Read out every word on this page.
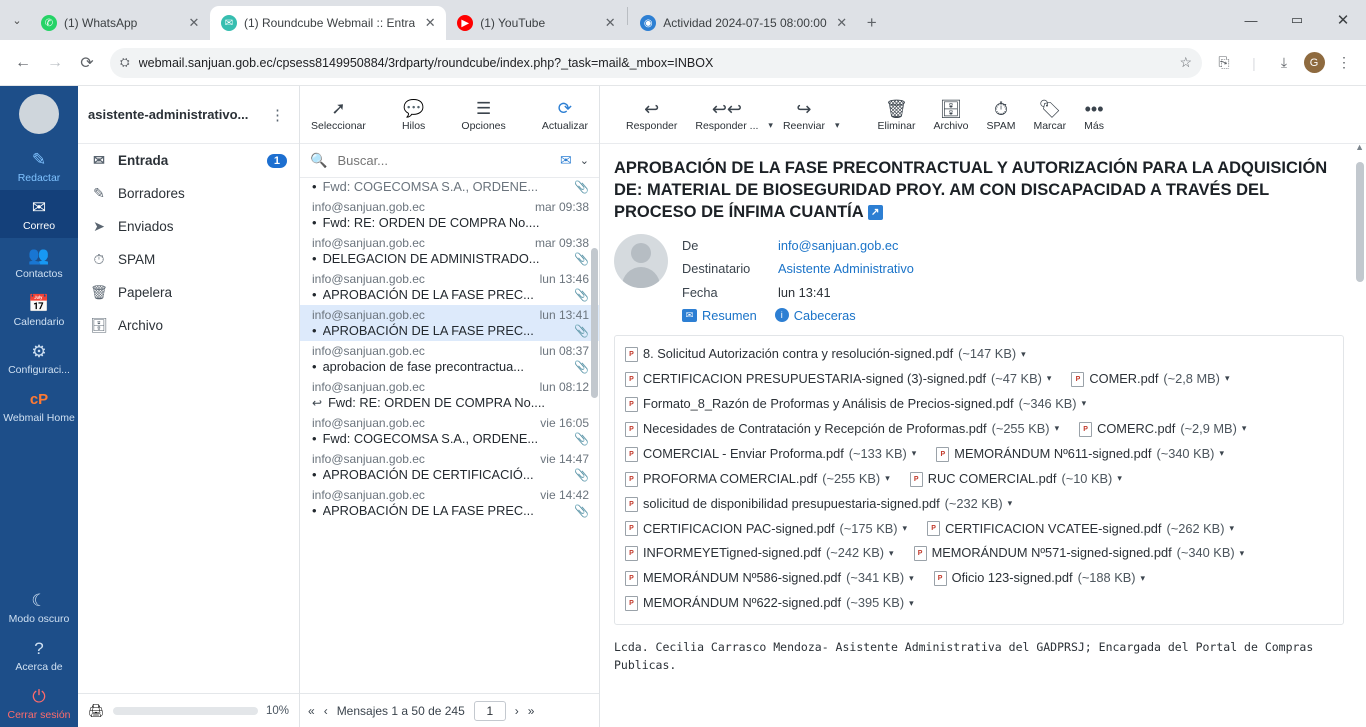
⌄	✆ (1) WhatsApp	✕	✉ (1) Roundcube Webmail :: Entra ✕	▶ (1) YouTube	✕	◉ Actividad 2024-07-15 08:00:00 ✕	+	—	▭	✕
←	→	⟳	⛭ webmail.sanjuan.gob.ec/cpsess8149950884/3rdparty/roundcube/index.php?_task=mail&_mbox=INBOX	☆	⎘	|	⤓	G	⋮
✎
Redactar
✉
Correo
👥
Contactos
📅
Calendario
⚙
Configuraci...
cP
Webmail Home
☾
Modo oscuro
?
Acerca de
⏻
Cerrar sesión
asistente-administrativo...	⋮
✉ Entrada	1
✎ Borradores
➤ Enviados
⏱ SPAM
🗑 Papelera
🗄 Archivo
🖨	10%
➚
Seleccionar
💬
Hilos
☰
Opciones
⟳
Actualizar
🔍
Buscar...	✉ ⌄
• Fwd: COGECOMSA S.A., ORDENE...	📎
info@sanjuan.gob.ec	mar 09:38
• Fwd: RE: ORDEN DE COMPRA No....
info@sanjuan.gob.ec	mar 09:38
• DELEGACION DE ADMINISTRADO...	📎
info@sanjuan.gob.ec	lun 13:46
• APROBACIÓN DE LA FASE PREC...	📎
info@sanjuan.gob.ec	lun 13:41
• APROBACIÓN DE LA FASE PREC...	📎
info@sanjuan.gob.ec	lun 08:37
• aprobacion de fase precontractua...	📎
info@sanjuan.gob.ec	lun 08:12
↩ Fwd: RE: ORDEN DE COMPRA No....
info@sanjuan.gob.ec	vie 16:05
• Fwd: COGECOMSA S.A., ORDENE...	📎
info@sanjuan.gob.ec	vie 14:47
• APROBACIÓN DE CERTIFICACIÓ...	📎
info@sanjuan.gob.ec	vie 14:42
• APROBACIÓN DE LA FASE PREC...	📎
« ‹ Mensajes 1 a 50 de 245
1	› »
↩
Responder
↩↩
Responder ...	▾
↪
Reenviar	▾
🗑
Eliminar
🗄
Archivo
⏱
SPAM
🏷
Marcar
•••
Más
APROBACIÓN DE LA FASE PRECONTRACTUAL Y AUTORIZACIÓN PARA LA ADQUISICIÓN DE: MATERIAL DE BIOSEGURIDAD PROY. AM CON DISCAPACIDAD A TRAVÉS DEL PROCESO DE ÍNFIMA CUANTÍA ↗
De	info@sanjuan.gob.ec
Destinatario	Asistente Administrativo
Fecha	lun 13:41
✉ Resumen	i Cabeceras
P 8. Solicitud Autorización contra y resolución-signed.pdf (~147 KB) ▾
P CERTIFICACION PRESUPUESTARIA-signed (3)-signed.pdf (~47 KB) ▾	P COMER.pdf (~2,8 MB) ▾
P Formato_8_Razón de Proformas y Análisis de Precios-signed.pdf (~346 KB) ▾
P Necesidades de Contratación y Recepción de Proformas.pdf (~255 KB) ▾	P COMERC.pdf (~2,9 MB) ▾
P COMERCIAL - Enviar Proforma.pdf (~133 KB) ▾	P MEMORÁNDUM Nº611-signed.pdf (~340 KB) ▾
P PROFORMA COMERCIAL.pdf (~255 KB) ▾	P RUC COMERCIAL.pdf (~10 KB) ▾
P solicitud de disponibilidad presupuestaria-signed.pdf (~232 KB) ▾
P CERTIFICACION PAC-signed.pdf (~175 KB) ▾	P CERTIFICACION VCATEE-signed.pdf (~262 KB) ▾
P INFORMEYETigned-signed.pdf (~242 KB) ▾	P MEMORÁNDUM Nº571-signed-signed.pdf (~340 KB) ▾
P MEMORÁNDUM Nº586-signed.pdf (~341 KB) ▾	P Oficio 123-signed.pdf (~188 KB) ▾
P MEMORÁNDUM Nº622-signed.pdf (~395 KB) ▾
Lcda. Cecilia Carrasco Mendoza- Asistente Administrativa del GADPRSJ; Encargada del Portal de Compras Publicas.
▲
